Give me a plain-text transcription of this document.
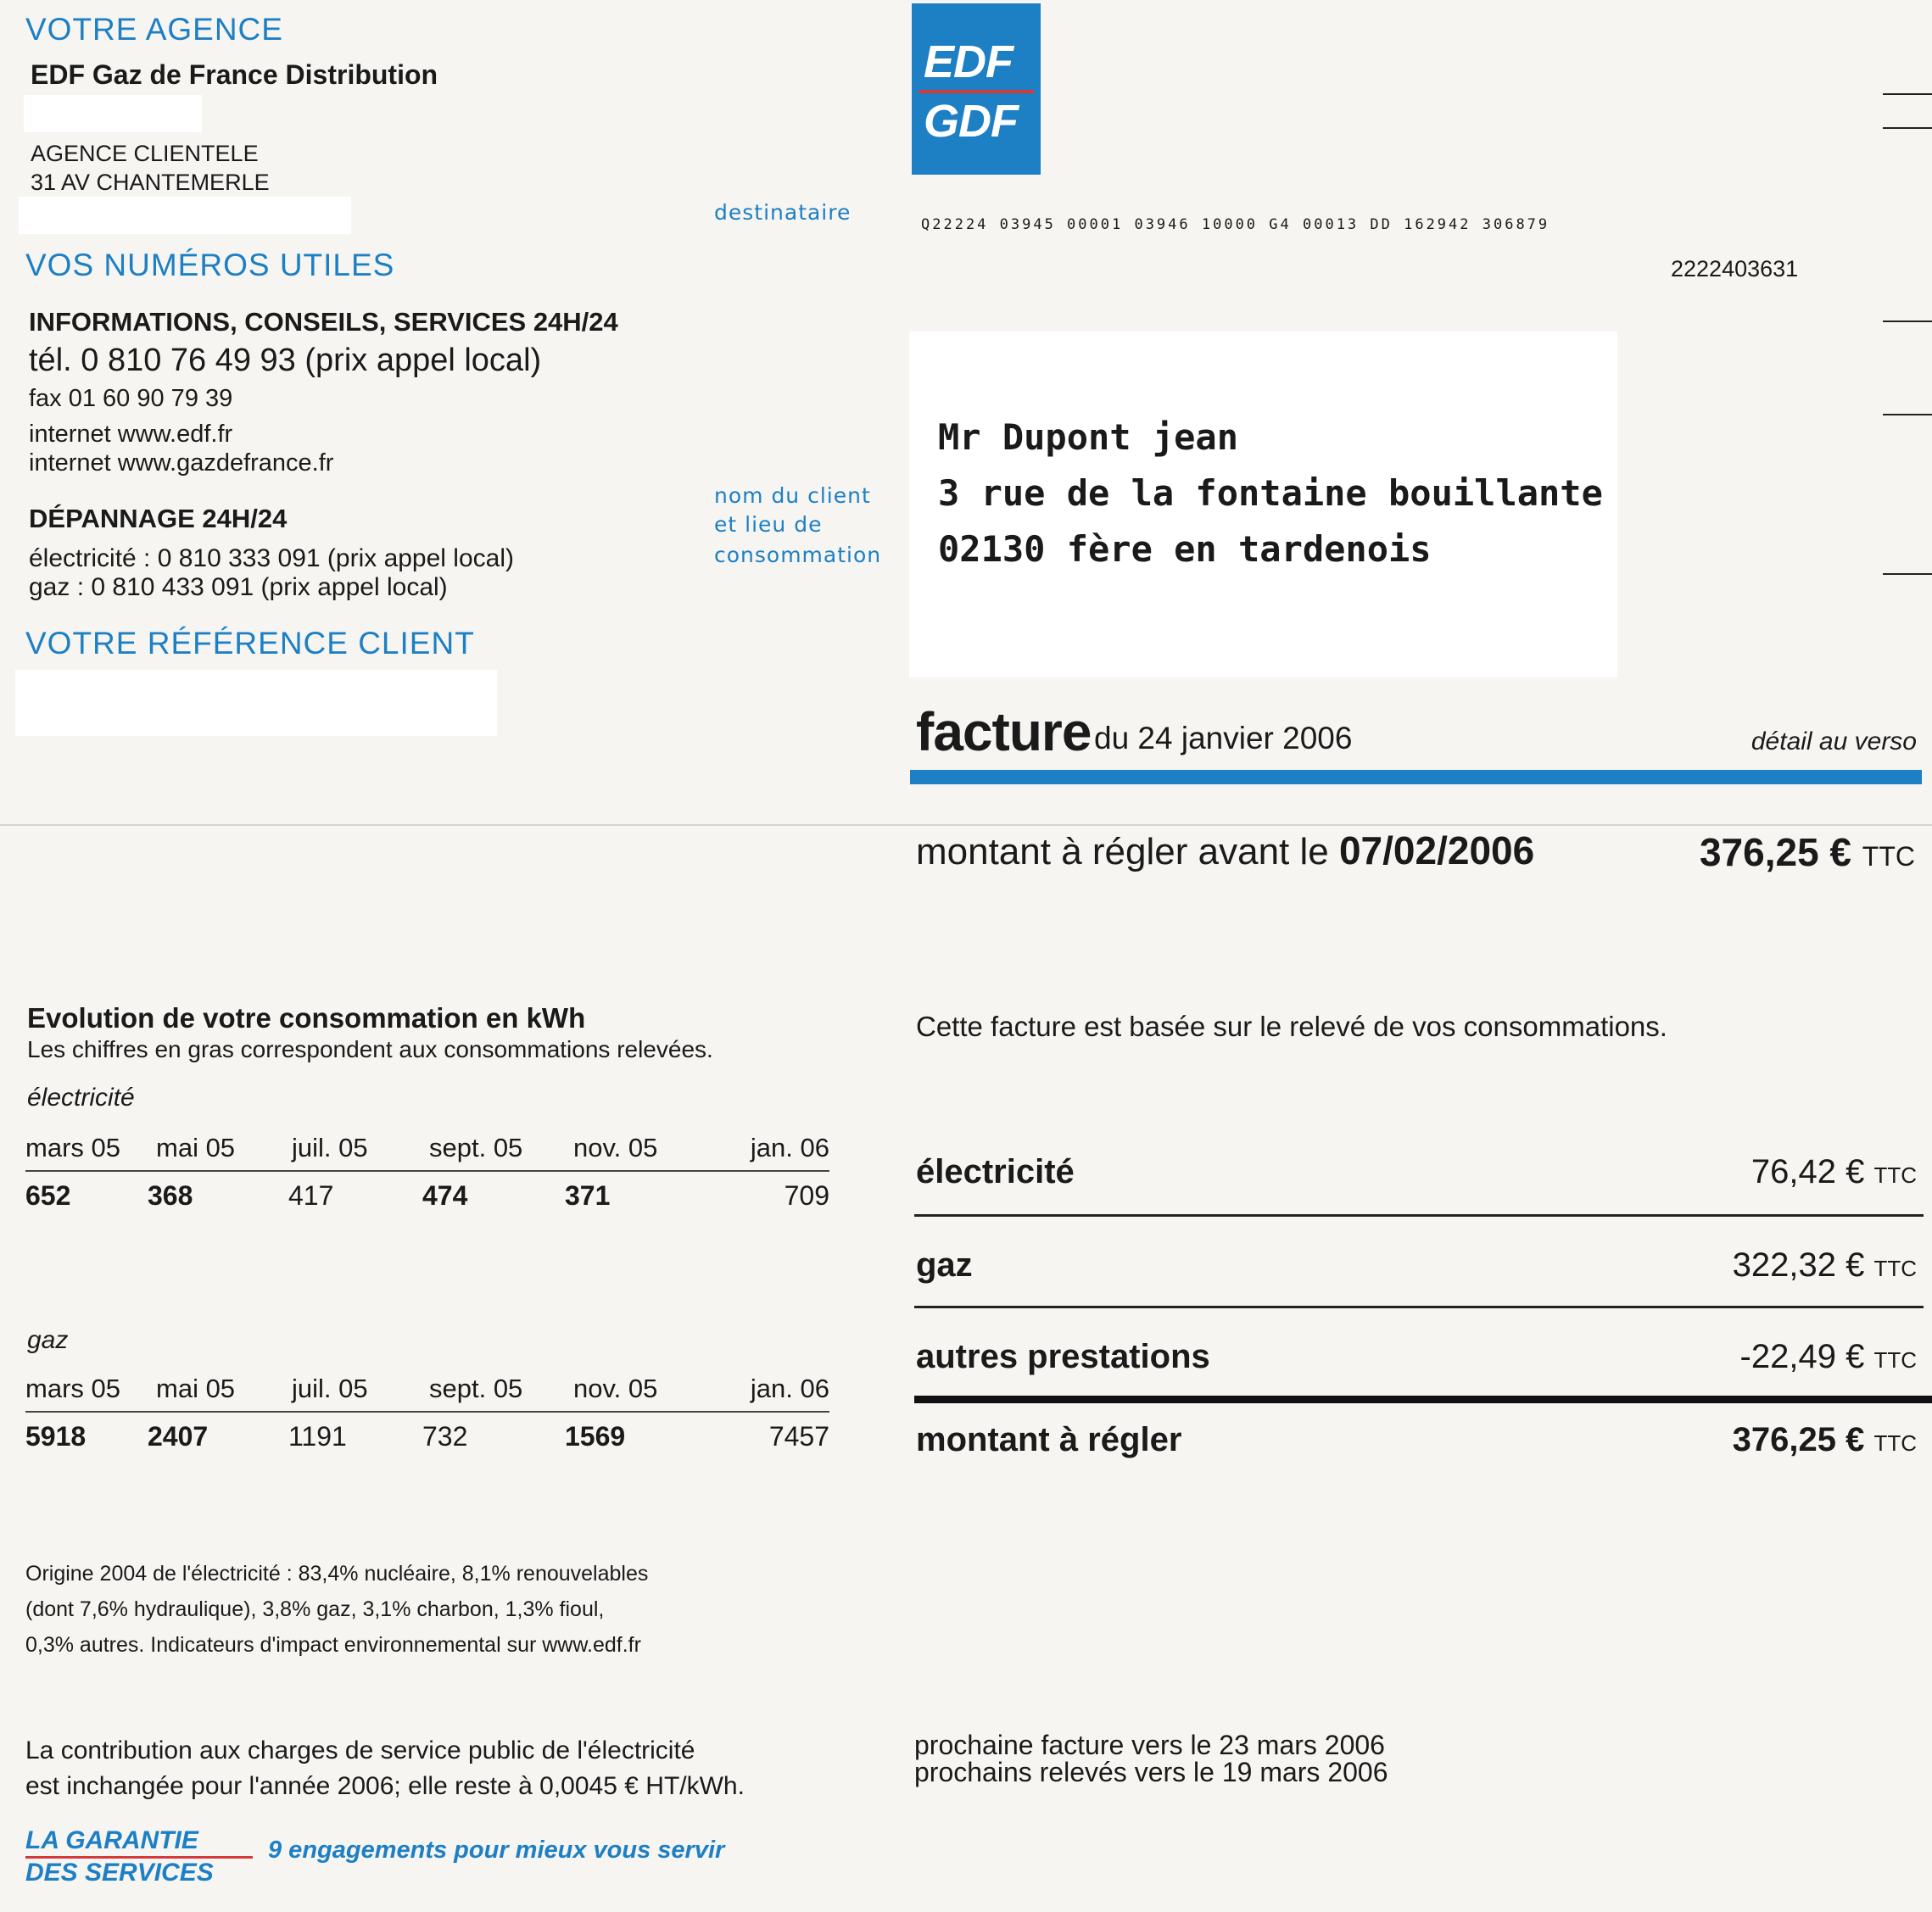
VOTRE AGENCE
EDF Gaz de France Distribution
AGENCE CLIENTELE
31 AV CHANTEMERLE
destinataire
VOS NUMÉROS UTILES
INFORMATIONS, CONSEILS, SERVICES 24H/24
tél. 0 810 76 49 93 (prix appel local)
fax 01 60 90 79 39
internet www.edf.fr
internet www.gazdefrance.fr
DÉPANNAGE 24H/24
électricité : 0 810 333 091 (prix appel local)
gaz : 0 810 433 091 (prix appel local)
nom du client
et lieu de
consommation
VOTRE RÉFÉRENCE CLIENT
EDF
GDF
Q22224 03945 00001 03946 10000 G4 00013 DD 162942 306879
2222403631
Mr Dupont jean
3 rue de la fontaine bouillante
02130 fère en tardenois
facture du 24 janvier 2006	détail au verso
montant à régler avant le 07/02/2006	376,25 € TTC
Cette facture est basée sur le relevé de vos consommations.
électricité	76,42 € TTC
gaz	322,32 € TTC
autres prestations	-22,49 € TTC
montant à régler	376,25 € TTC
Evolution de votre consommation en kWh
Les chiffres en gras correspondent aux consommations relevées.
électricité
mars 05 mai 05 juil. 05 sept. 05 nov. 05	jan. 06
652	368	417	474	371	709
gaz
mars 05 mai 05 juil. 05 sept. 05 nov. 05	jan. 06
5918 2407	1191	732	1569	7457
Origine 2004 de l'électricité : 83,4% nucléaire, 8,1% renouvelables
(dont 7,6% hydraulique), 3,8% gaz, 3,1% charbon, 1,3% fioul,
0,3% autres. Indicateurs d'impact environnemental sur www.edf.fr
La contribution aux charges de service public de l'électricité
est inchangée pour l'année 2006; elle reste à 0,0045 € HT/kWh.
prochaine facture vers le 23 mars 2006
prochains relevés vers le 19 mars 2006
LA GARANTIE
DES SERVICES
9 engagements pour mieux vous servir
